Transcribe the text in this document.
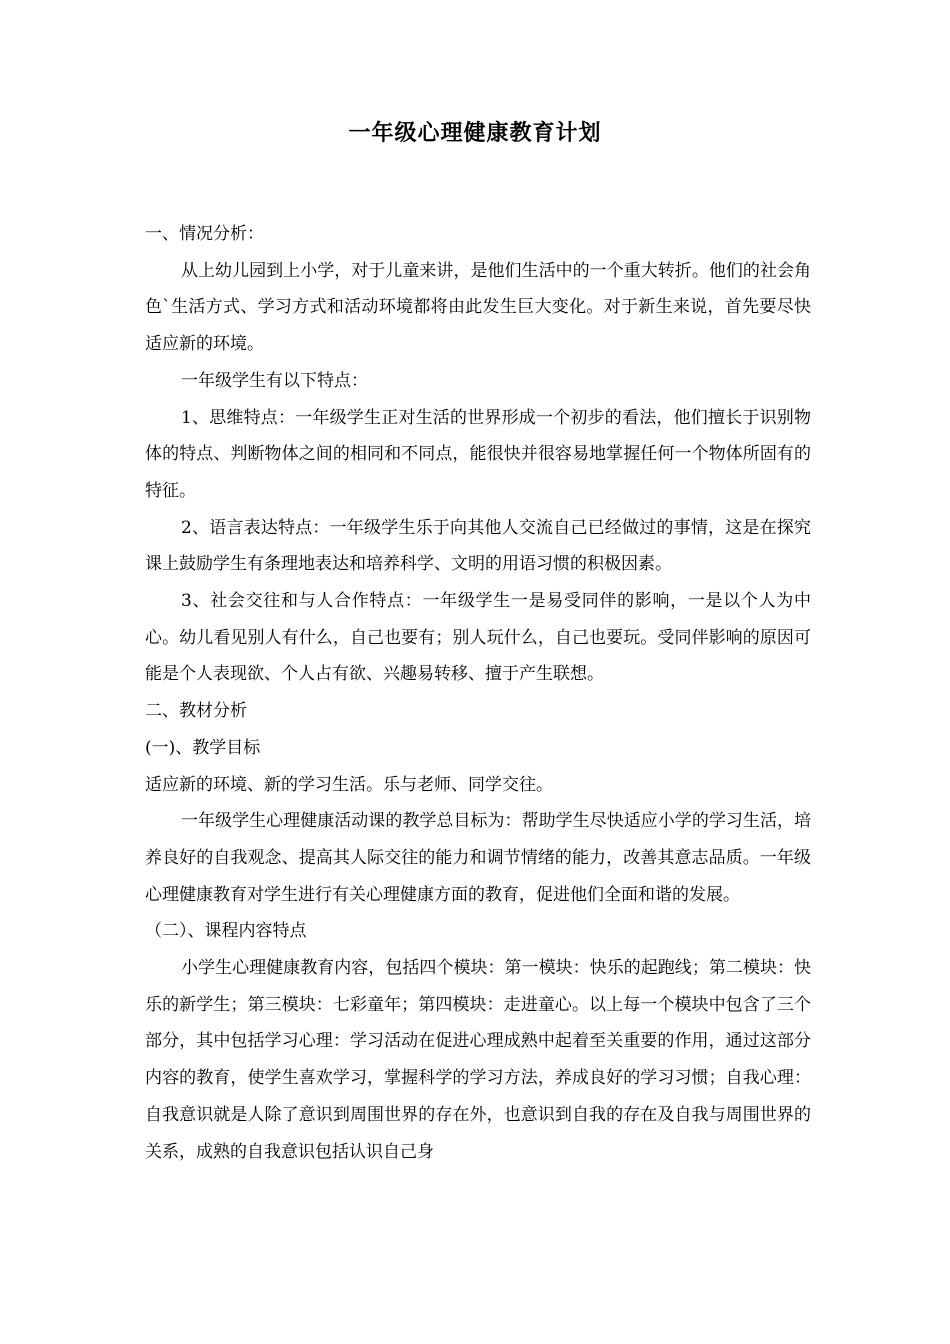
一年级心理健康教育计划

一、情况分析：

从上幼儿园到上小学，对于儿童来讲，是他们生活中的一个重大转折。他们的社会角色`生活方式、学习方式和活动环境都将由此发生巨大变化。对于新生来说，首先要尽快适应新的环境。

一年级学生有以下特点：

1、思维特点：一年级学生正对生活的世界形成一个初步的看法，他们擅长于识别物体的特点、判断物体之间的相同和不同点，能很快并很容易地掌握任何一个物体所固有的特征。

2、语言表达特点：一年级学生乐于向其他人交流自己已经做过的事情，这是在探究课上鼓励学生有条理地表达和培养科学、文明的用语习惯的积极因素。

3、社会交往和与人合作特点：一年级学生一是易受同伴的影响，一是以个人为中心。幼儿看见别人有什么，自己也要有；别人玩什么，自己也要玩。受同伴影响的原因可能是个人表现欲、个人占有欲、兴趣易转移、擅于产生联想。

二、教材分析

(一)、教学目标

适应新的环境、新的学习生活。乐与老师、同学交往。

一年级学生心理健康活动课的教学总目标为：帮助学生尽快适应小学的学习生活，培养良好的自我观念、提高其人际交往的能力和调节情绪的能力，改善其意志品质。一年级心理健康教育对学生进行有关心理健康方面的教育，促进他们全面和谐的发展。

（二）、课程内容特点

小学生心理健康教育内容，包括四个模块：第一模块：快乐的起跑线；第二模块：快乐的新学生；第三模块：七彩童年；第四模块：走进童心。以上每一个模块中包含了三个部分，其中包括学习心理：学习活动在促进心理成熟中起着至关重要的作用，通过这部分内容的教育，使学生喜欢学习，掌握科学的学习方法，养成良好的学习习惯；自我心理：自我意识就是人除了意识到周围世界的存在外，也意识到自我的存在及自我与周围世界的关系，成熟的自我意识包括认识自己身
